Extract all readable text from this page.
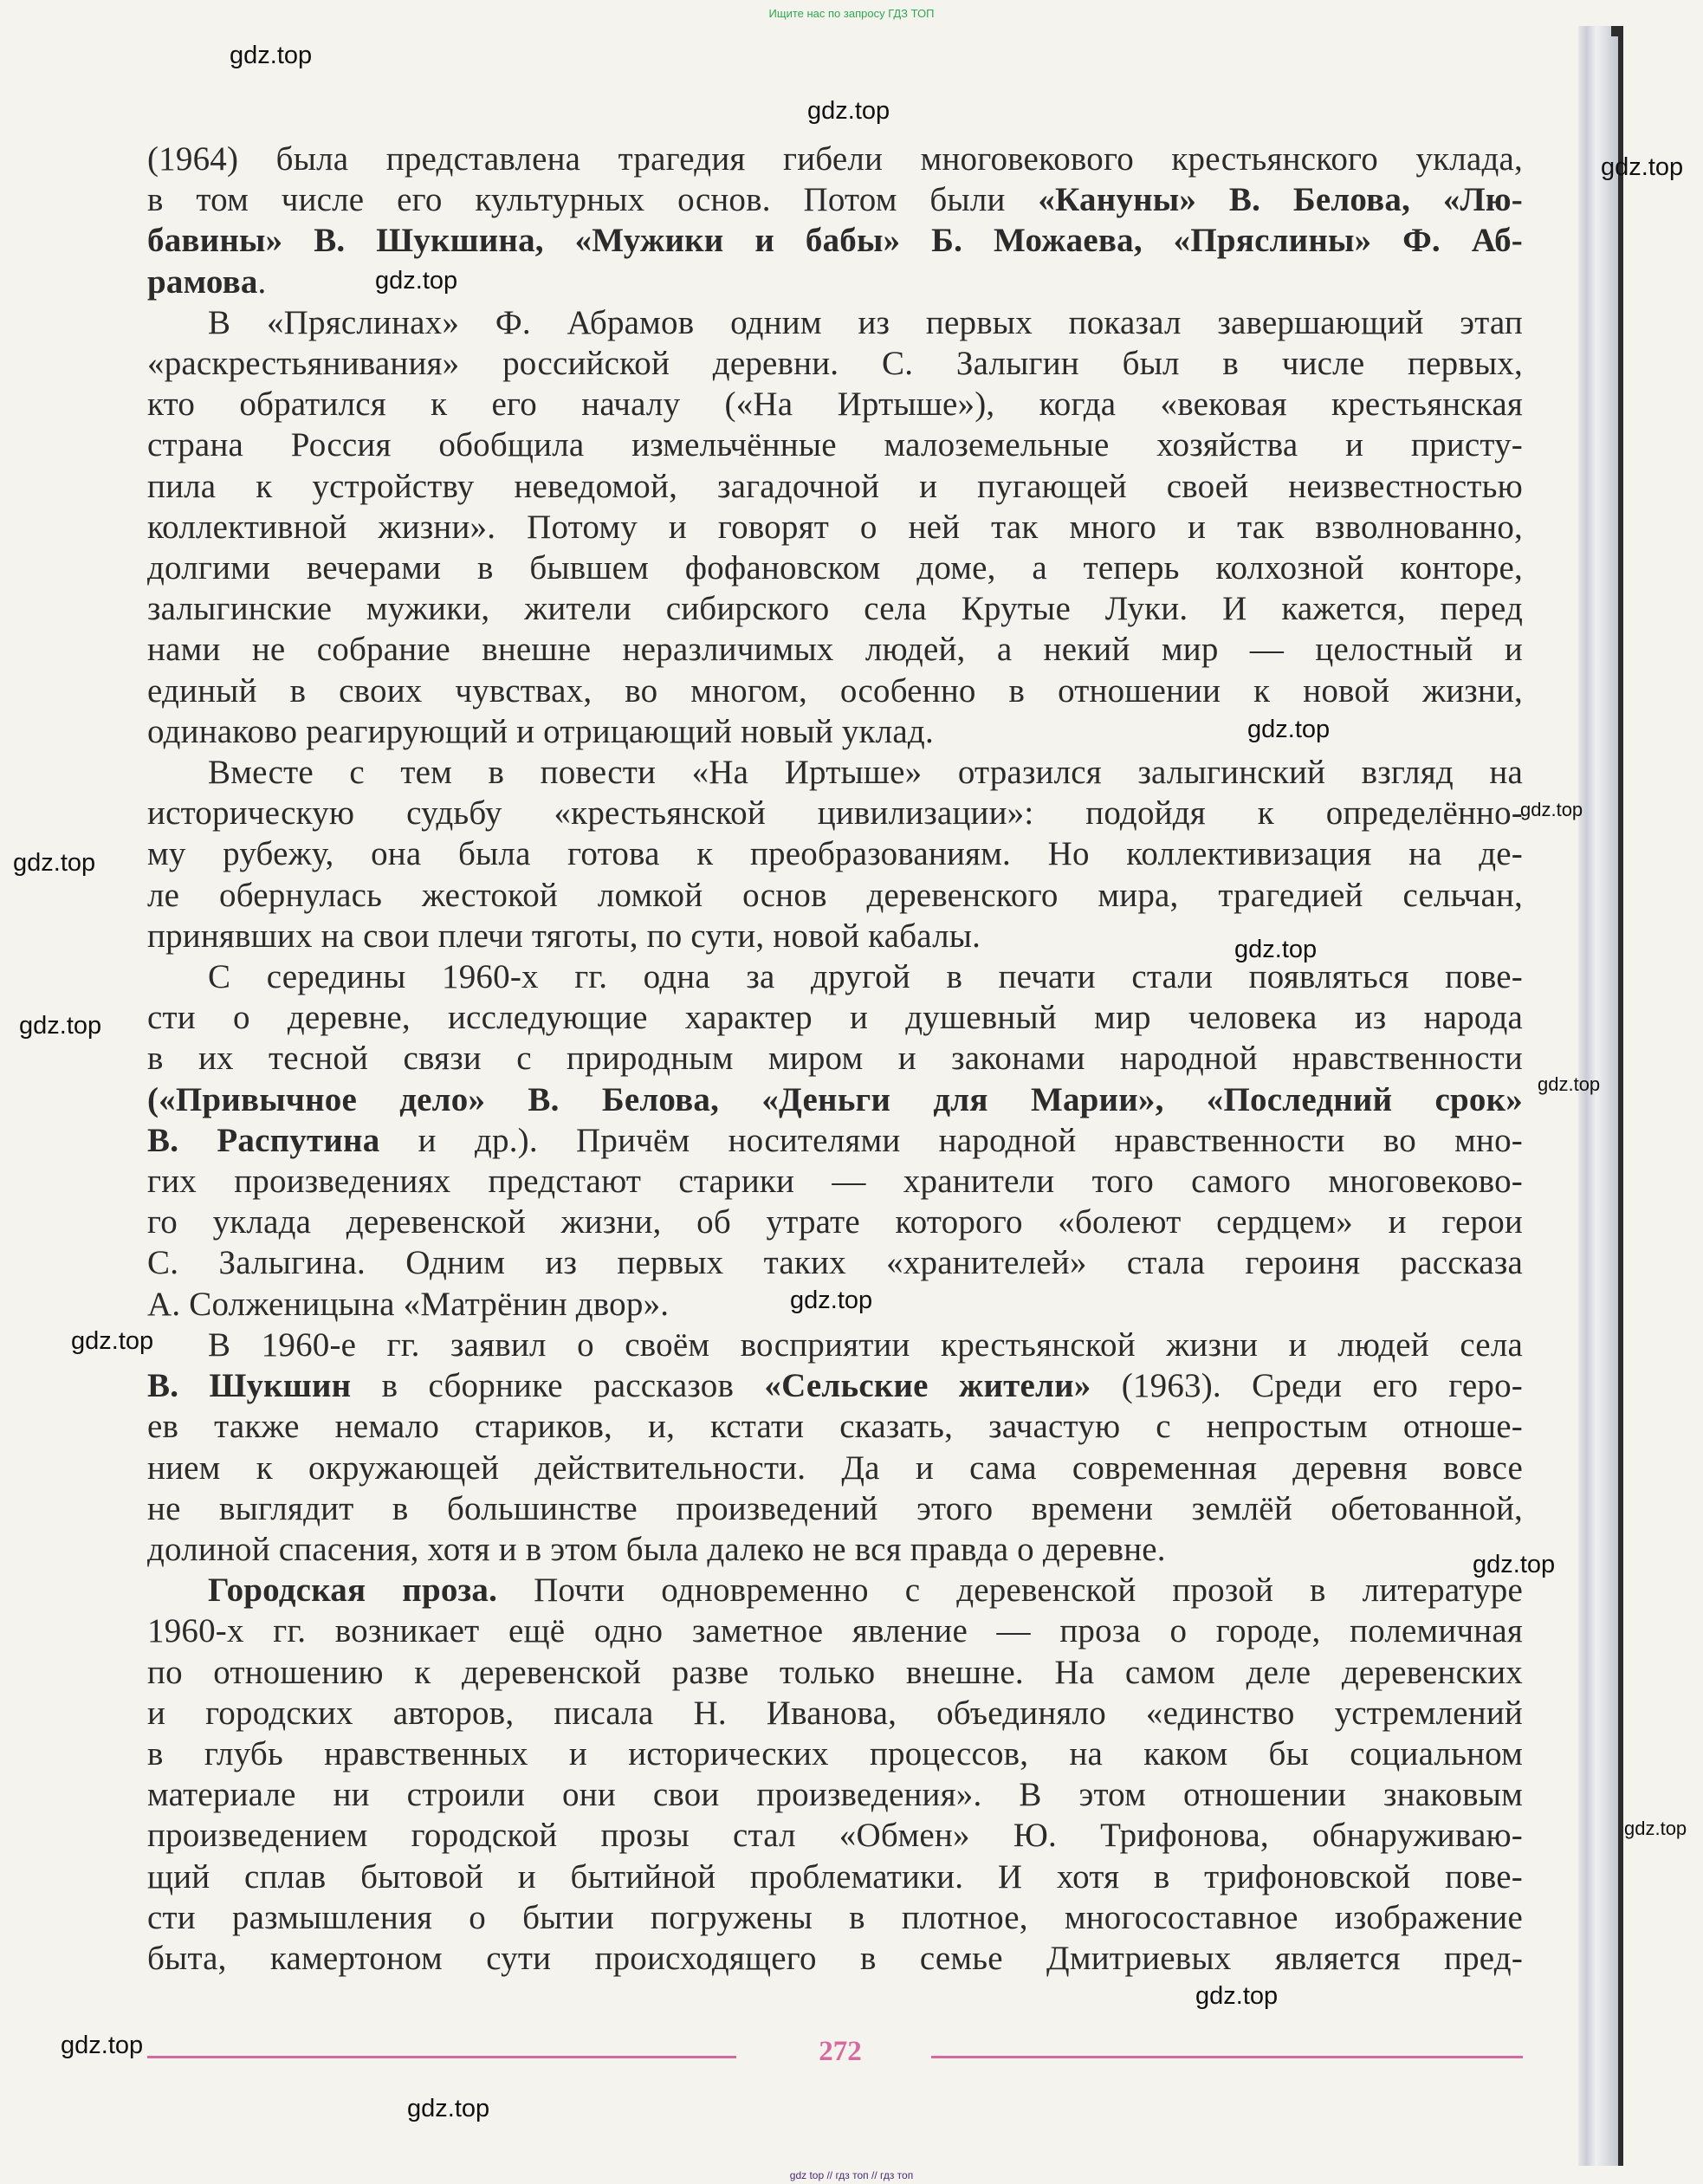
Ищите нас по запросу ГДЗ ТОП

(1964) была представлена трагедия гибели многовекового крестьянского уклада,

в том числе его культурных основ. Потом были «Кануны» В. Белова, «Лю-

бавины» В. Шукшина, «Мужики и бабы» Б. Можаева, «Пряслины» Ф. Аб-

рамова.

В «Пряслинах» Ф. Абрамов одним из первых показал завершающий этап

«раскрестьянивания» российской деревни. С. Залыгин был в числе первых,

кто обратился к его началу («На Иртыше»), когда «вековая крестьянская

страна Россия обобщила измельчённые малоземельные хозяйства и присту-

пила к устройству неведомой, загадочной и пугающей своей неизвестностью

коллективной жизни». Потому и говорят о ней так много и так взволнованно,

долгими вечерами в бывшем фофановском доме, а теперь колхозной конторе,

залыгинские мужики, жители сибирского села Крутые Луки. И кажется, перед

нами не собрание внешне неразличимых людей, а некий мир — целостный и

единый в своих чувствах, во многом, особенно в отношении к новой жизни,

одинаково реагирующий и отрицающий новый уклад.

Вместе с тем в повести «На Иртыше» отразился залыгинский взгляд на

историческую судьбу «крестьянской цивилизации»: подойдя к определённо-

му рубежу, она была готова к преобразованиям. Но коллективизация на де-

ле обернулась жестокой ломкой основ деревенского мира, трагедией сельчан,

принявших на свои плечи тяготы, по сути, новой кабалы.

С середины 1960-х гг. одна за другой в печати стали появляться пове-

сти о деревне, исследующие характер и душевный мир человека из народа

в их тесной связи с природным миром и законами народной нравственности

(«Привычное дело» В. Белова, «Деньги для Марии», «Последний срок»

В. Распутина и др.). Причём носителями народной нравственности во мно-

гих произведениях предстают старики — хранители того самого многовеково-

го уклада деревенской жизни, об утрате которого «болеют сердцем» и герои

С. Залыгина. Одним из первых таких «хранителей» стала героиня рассказа

А. Солженицына «Матрёнин двор».

В 1960-е гг. заявил о своём восприятии крестьянской жизни и людей села

В. Шукшин в сборнике рассказов «Сельские жители» (1963). Среди его геро-

ев также немало стариков, и, кстати сказать, зачастую с непростым отноше-

нием к окружающей действительности. Да и сама современная деревня вовсе

не выглядит в большинстве произведений этого времени землёй обетованной,

долиной спасения, хотя и в этом была далеко не вся правда о деревне.

Городская проза. Почти одновременно с деревенской прозой в литературе

1960-х гг. возникает ещё одно заметное явление — проза о городе, полемичная

по отношению к деревенской разве только внешне. На самом деле деревенских

и городских авторов, писала Н. Иванова, объединяло «единство устремлений

в глубь нравственных и исторических процессов, на каком бы социальном

материале ни строили они свои произведения». В этом отношении знаковым

произведением городской прозы стал «Обмен» Ю. Трифонова, обнаруживаю-

щий сплав бытовой и бытийной проблематики. И хотя в трифоновской пове-

сти размышления о бытии погружены в плотное, многосоставное изображение

быта, камертоном сути происходящего в семье Дмитриевых является пред-

gdz.top
gdz.top
gdz.top
gdz.top
gdz.top
gdz.top
gdz.top
gdz.top
gdz.top
gdz.top
gdz.top
gdz.top
gdz.top
gdz.top
gdz.top
gdz.top
gdz.top
272
gdz top // гдз топ // гдз топ
